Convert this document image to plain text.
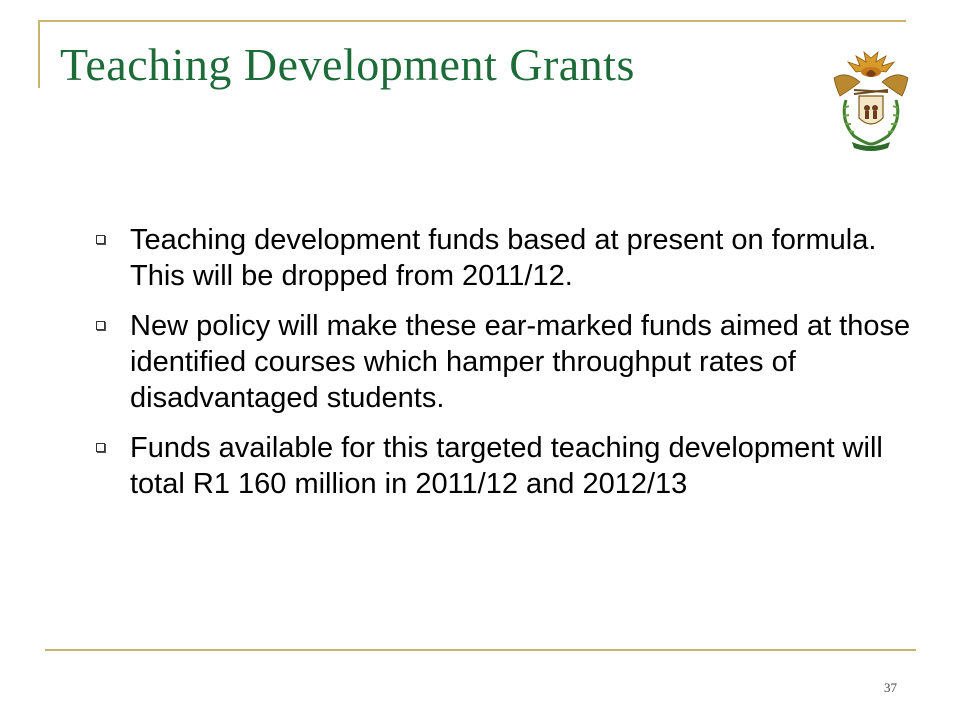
Teaching Development Grants
Teaching development funds based at present on formula. This will be dropped from 2011/12.
New policy will make these ear-marked funds aimed at those identified courses which hamper throughput rates of disadvantaged students.
Funds available for this targeted teaching development will total R1 160 million in 2011/12 and 2012/13
37
